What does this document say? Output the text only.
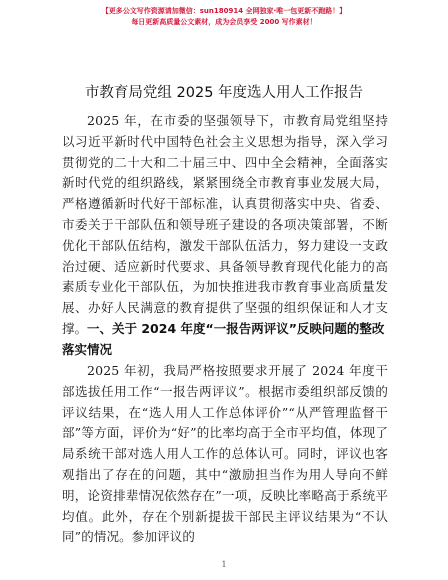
【更多公文写作资源请加微信：sun180914 全网独家·唯一包更新不跑路！】
每日更新高质量公文素材，成为会员享受 2000 写作素材！
市教育局党组 2025 年度选人用人工作报告
2025 年，在市委的坚强领导下，市教育局党组坚持以习近平新时代中国特色社会主义思想为指导，深入学习贯彻党的二十大和二十届三中、四中全会精神，全面落实新时代党的组织路线，紧紧围绕全市教育事业发展大局，严格遵循新时代好干部标准，认真贯彻落实中央、省委、市委关于干部队伍和领导班子建设的各项决策部署，不断优化干部队伍结构，激发干部队伍活力，努力建设一支政治过硬、适应新时代要求、具备领导教育现代化能力的高素质专业化干部队伍，为加快推进我市教育事业高质量发展、办好人民满意的教育提供了坚强的组织保证和人才支撑。 一、关于 2024 年度“一报告两评议”反映问题的整改落实情况
2025 年初，我局严格按照要求开展了 2024 年度干部选拔任用工作“一报告两评议”。根据市委组织部反馈的评议结果，在“选人用人工作总体评价”“从严管理监督干部”等方面，评价为“好”的比率均高于全市平均值，体现了局系统干部对选人用人工作的总体认可。同时，评议也客观指出了存在的问题，其中“激励担当作为用人导向不鲜明，论资排辈情况依然存在”一项，反映比率略高于系统平均值。此外，存在个别新提拔干部民主评议结果为“不认同”的情况。参加评议的
1
